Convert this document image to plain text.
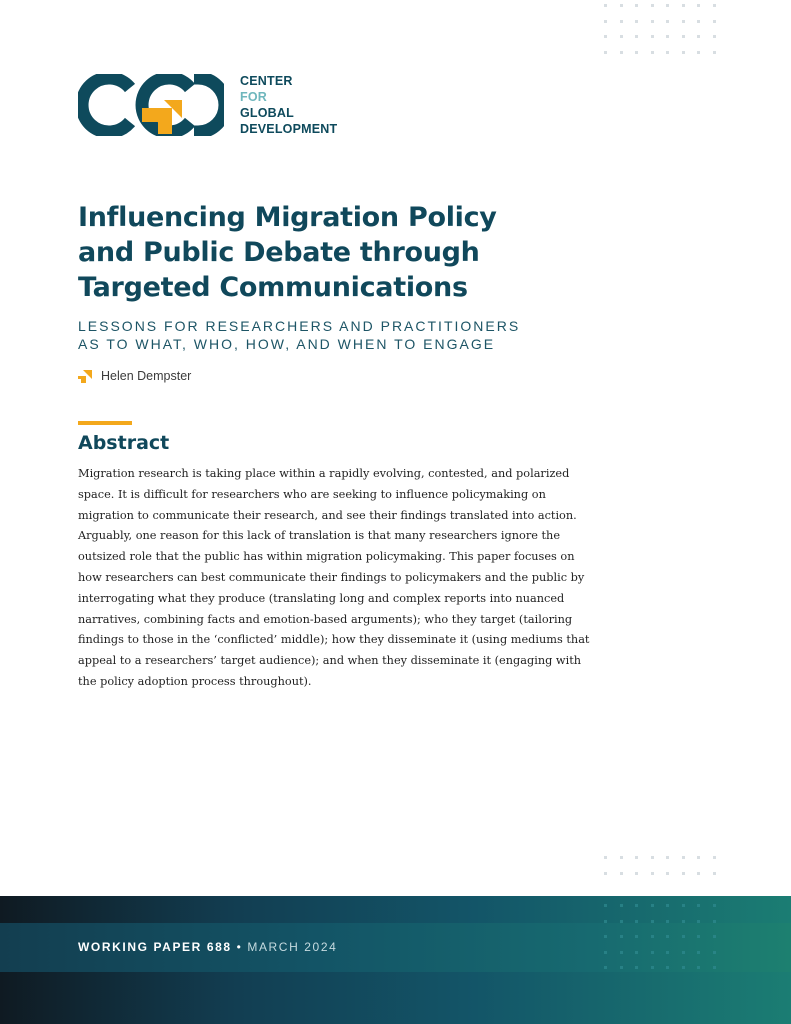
CENTER
FOR
GLOBAL
DEVELOPMENT
Influencing Migration Policy and Public Debate through Targeted Communications
LESSONS FOR RESEARCHERS AND PRACTITIONERS AS TO WHAT, WHO, HOW, AND WHEN TO ENGAGE
Helen Dempster
Abstract

Migration research is taking place within a rapidly evolving, contested, and polarized space. It is difficult for researchers who are seeking to influence policymaking on migration to communicate their research, and see their findings translated into action. Arguably, one reason for this lack of translation is that many researchers ignore the outsized role that the public has within migration policymaking. This paper focuses on how researchers can best communicate their findings to policymakers and the public by interrogating what they produce (translating long and complex reports into nuanced narratives, combining facts and emotion-based arguments); who they target (tailoring findings to those in the ‘conflicted’ middle); how they disseminate it (using mediums that appeal to a researchers’ target audience); and when they disseminate it (engaging with the policy adoption process throughout).

WORKING PAPER 688 • MARCH 2024
